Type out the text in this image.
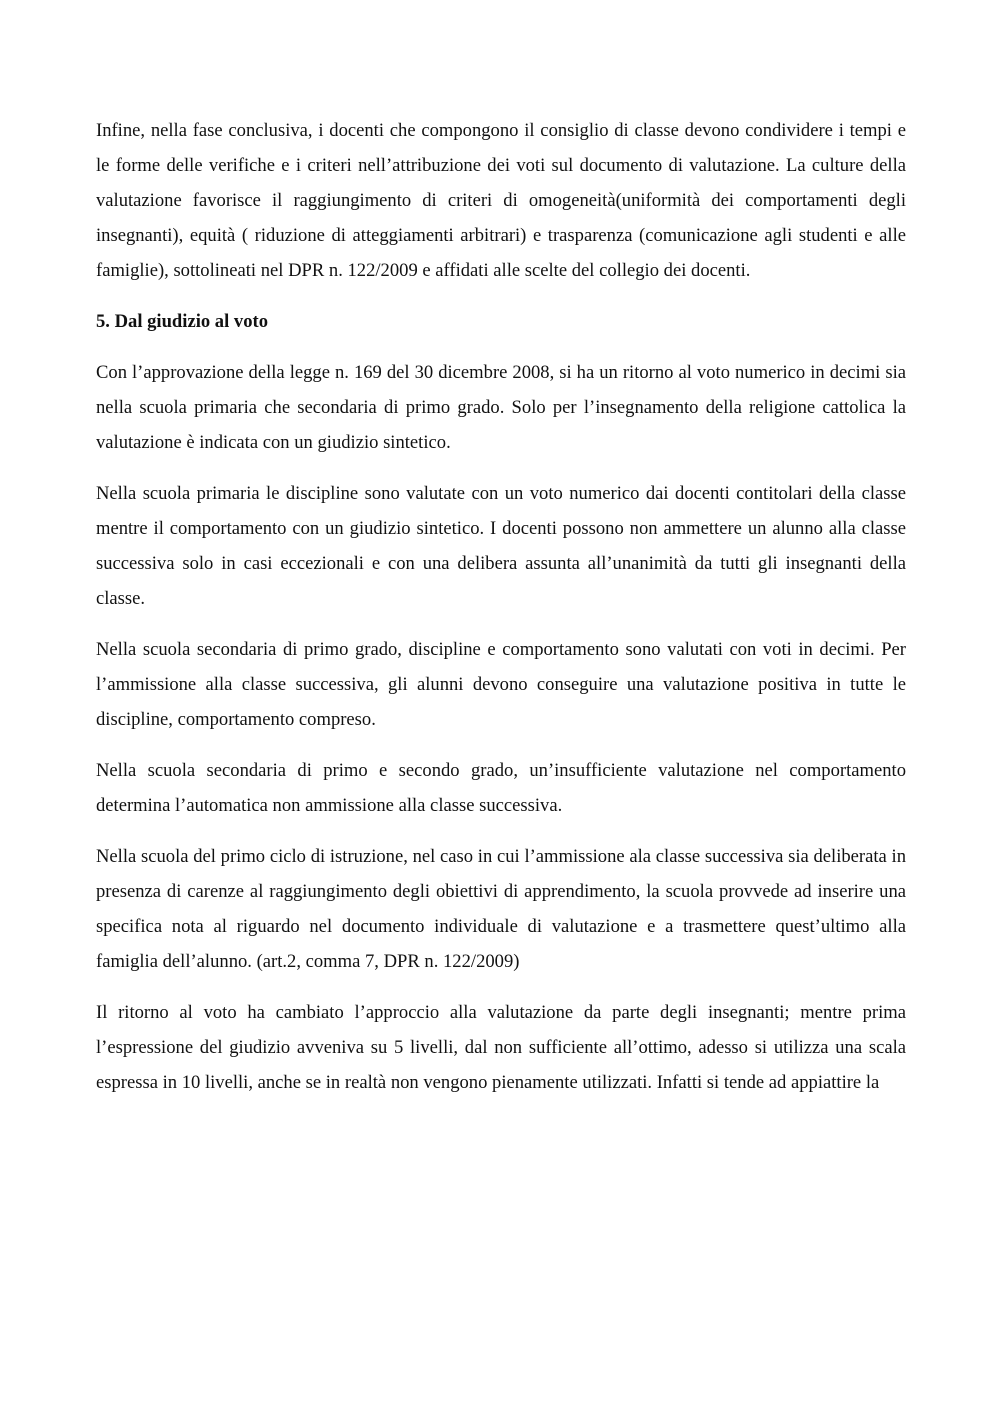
Infine, nella fase conclusiva, i docenti che compongono il consiglio di classe devono condividere i tempi e le forme delle verifiche e i criteri nell’attribuzione dei voti sul documento di valutazione. La culture della valutazione favorisce il raggiungimento di criteri di omogeneità(uniformità dei comportamenti degli insegnanti), equità ( riduzione di atteggiamenti arbitrari) e trasparenza (comunicazione agli studenti e alle famiglie), sottolineati nel DPR n. 122/2009 e affidati alle scelte del collegio dei docenti.

5. Dal giudizio al voto

Con l’approvazione della legge n. 169 del 30 dicembre 2008, si ha un ritorno al voto numerico in decimi sia nella scuola primaria che secondaria di primo grado. Solo per l’insegnamento della religione cattolica la valutazione è indicata con un giudizio sintetico.

Nella scuola primaria le discipline sono valutate con un voto numerico dai docenti contitolari della classe mentre il comportamento con un giudizio sintetico. I docenti possono non ammettere un alunno alla classe successiva solo in casi eccezionali e con una delibera assunta all’unanimità da tutti gli insegnanti della classe.

Nella scuola secondaria di primo grado, discipline e comportamento sono valutati con voti in decimi. Per l’ammissione alla classe successiva, gli alunni devono conseguire una valutazione positiva in tutte le discipline, comportamento compreso.

Nella scuola secondaria di primo e secondo grado, un’insufficiente valutazione nel comportamento determina l’automatica non ammissione alla classe successiva.

Nella scuola del primo ciclo di istruzione, nel caso in cui l’ammissione ala classe successiva sia deliberata in presenza di carenze al raggiungimento degli obiettivi di apprendimento, la scuola provvede ad inserire una specifica nota al riguardo nel documento individuale di valutazione e a trasmettere quest’ultimo alla famiglia dell’alunno. (art.2, comma 7, DPR n. 122/2009)

Il ritorno al voto ha cambiato l’approccio alla valutazione da parte degli insegnanti; mentre prima l’espressione del giudizio avveniva su 5 livelli, dal non sufficiente all’ottimo, adesso si utilizza una scala espressa in 10 livelli, anche se in realtà non vengono pienamente utilizzati. Infatti si tende ad appiattire la
